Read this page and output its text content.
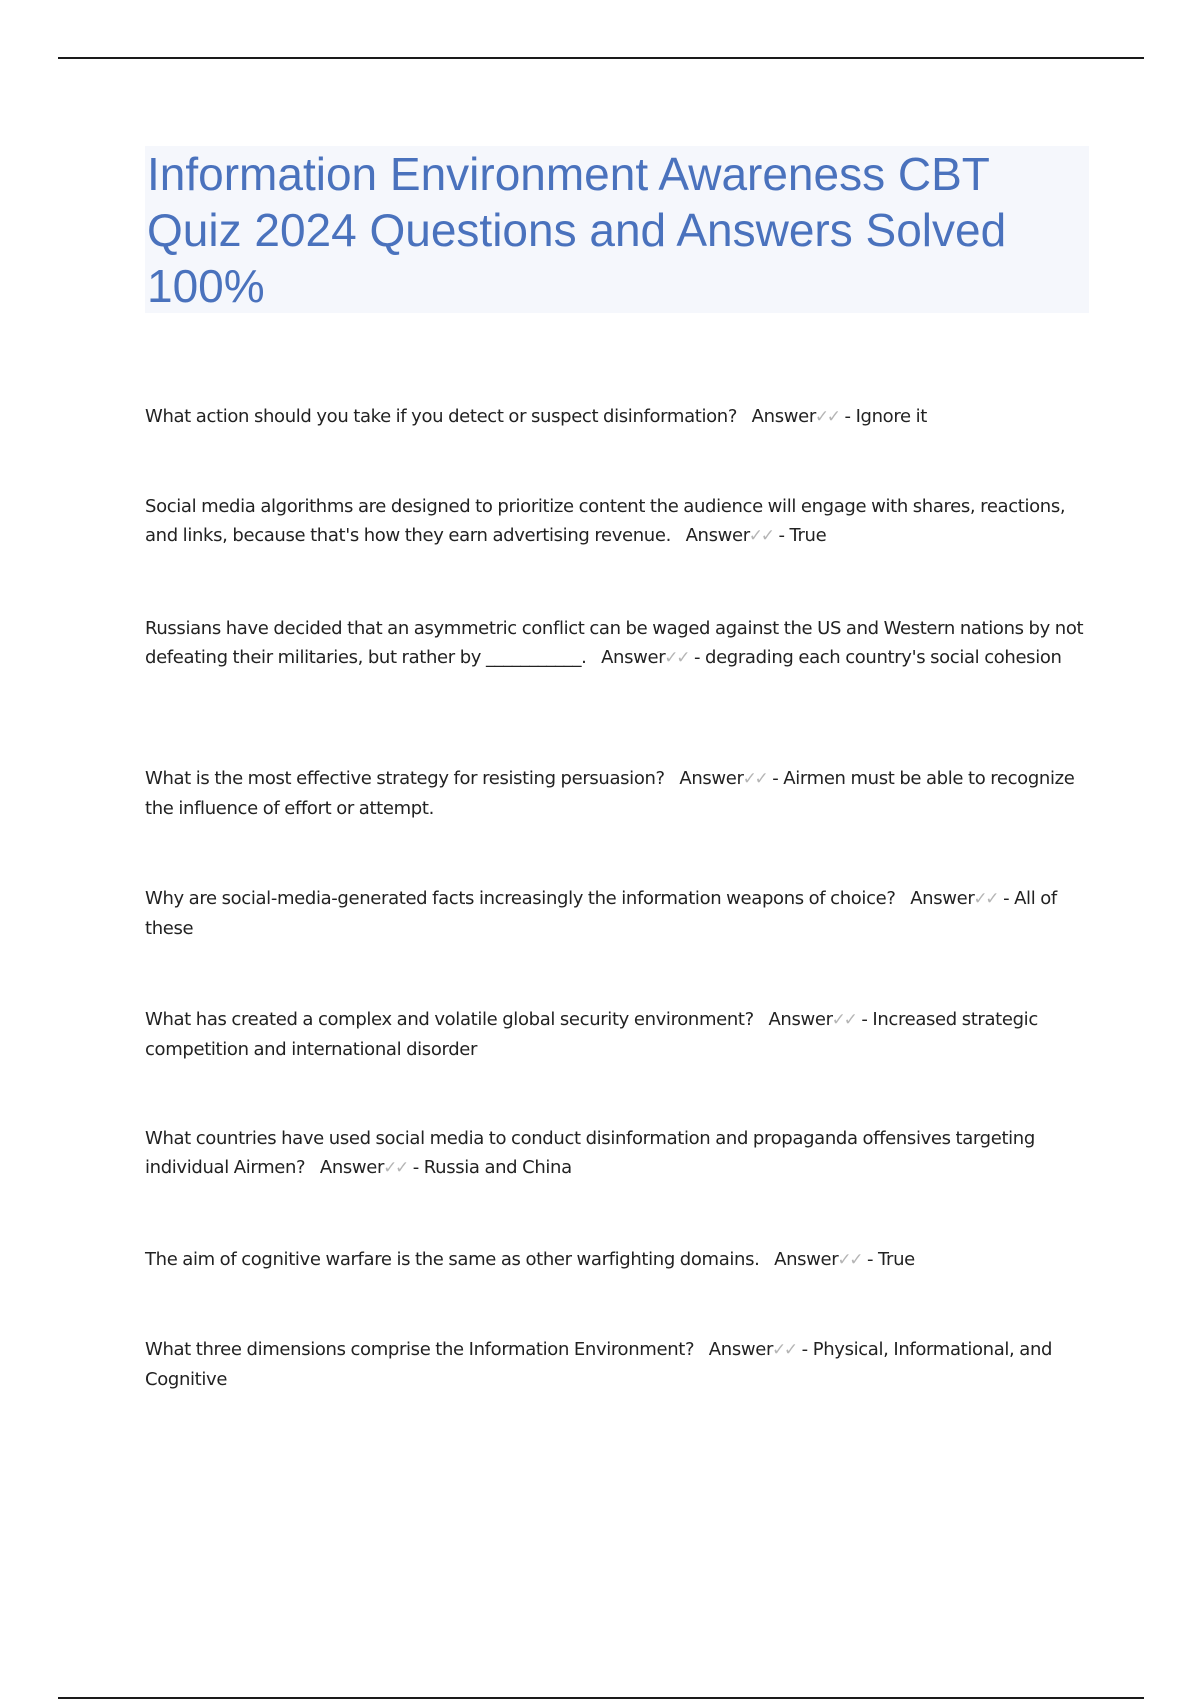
Information Environment Awareness CBT Quiz 2024 Questions and Answers Solved 100%
What action should you take if you detect or suspect disinformation? Answer✓✓ - Ignore it
Social media algorithms are designed to prioritize content the audience will engage with shares, reactions, and links, because that's how they earn advertising revenue. Answer✓✓ - True
Russians have decided that an asymmetric conflict can be waged against the US and Western nations by not defeating their militaries, but rather by ___________. Answer✓✓ - degrading each country's social cohesion
What is the most effective strategy for resisting persuasion? Answer✓✓ - Airmen must be able to recognize the influence of effort or attempt.
Why are social-media-generated facts increasingly the information weapons of choice? Answer✓✓ - All of these
What has created a complex and volatile global security environment? Answer✓✓ - Increased strategic competition and international disorder
What countries have used social media to conduct disinformation and propaganda offensives targeting individual Airmen? Answer✓✓ - Russia and China
The aim of cognitive warfare is the same as other warfighting domains. Answer✓✓ - True
What three dimensions comprise the Information Environment? Answer✓✓ - Physical, Informational, and Cognitive
